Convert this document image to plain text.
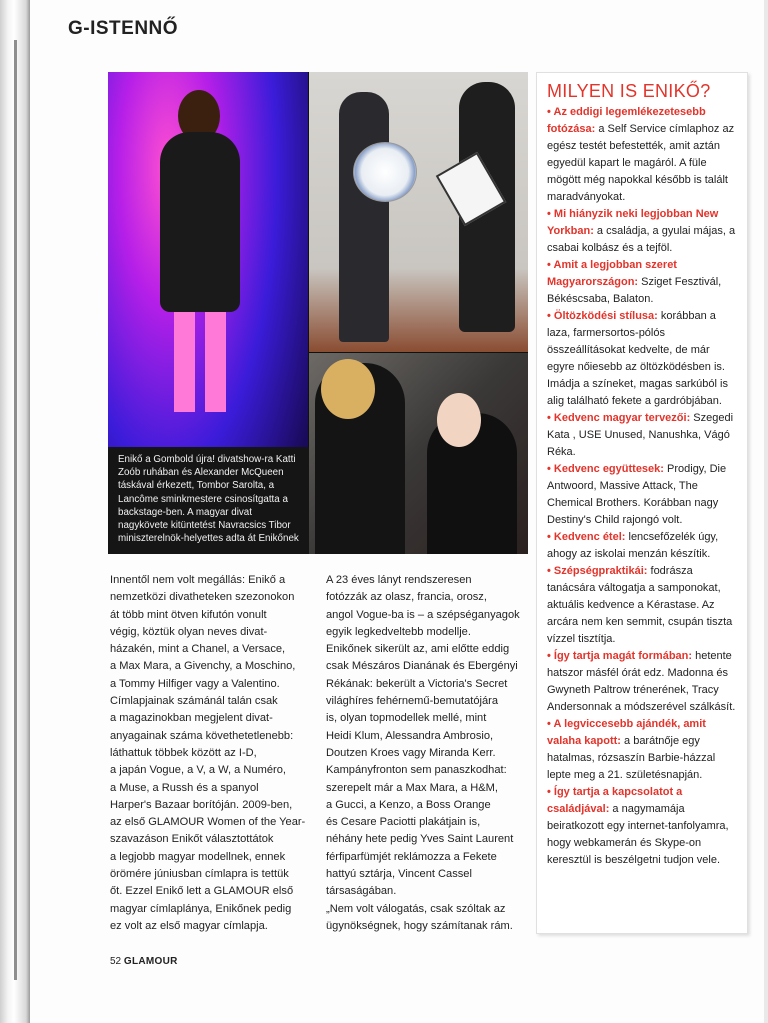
G-ISTENNŐ
Enikő a Gombold újra! divatshow-ra Katti Zoób ruhában és Alexander McQueen táskával érkezett, Tombor Sarolta, a Lancôme sminkmestere csinosítgatta a backstage-ben. A magyar divat nagykövete kitüntetést Navracsics Tibor miniszterelnök-helyettes adta át Enikőnek
MILYEN IS ENIKŐ?
• Az eddigi legemlékezetesebb fotózása: a Self Service címlaphoz az egész testét befestették, amit aztán egyedül kapart le magáról. A füle mögött még napokkal később is talált maradványokat.
• Mi hiányzik neki legjobban New Yorkban: a családja, a gyulai májas, a csabai kolbász és a tejföl.
• Amit a legjobban szeret Magyarországon: Sziget Fesztivál, Békéscsaba, Balaton.
• Öltözködési stílusa: korábban a laza, farmersortos-pólós összeállításokat kedvelte, de már egyre nőiesebb az öltözködésben is. Imádja a színeket, magas sarkúból is alig található fekete a gardróbjában.
• Kedvenc magyar tervezői: Szegedi Kata , USE Unused, Nanushka, Vágó Réka.
• Kedvenc együttesek: Prodigy, Die Antwoord, Massive Attack, The Chemical Brothers. Korábban nagy Destiny's Child rajongó volt.
• Kedvenc étel: lencsefőzelék úgy, ahogy az iskolai menzán készítik.
• Szépségpraktikái: fodrásza tanácsára váltogatja a samponokat, aktuális kedvence a Kérastase. Az arcára nem ken semmit, csupán tiszta vízzel tisztítja.
• Így tartja magát formában: hetente hatszor másfél órát edz. Madonna és Gwyneth Paltrow trénerének, Tracy Andersonnak a módszerével szálkásít.
• A legviccesebb ajándék, amit valaha kapott: a barátnője egy hatalmas, rózsaszín Barbie-házzal lepte meg a 21. születésnapján.
• Így tartja a kapcsolatot a családjával: a nagymamája beiratkozott egy internet-tanfolyamra, hogy webkamerán és Skype-on keresztül is beszélgetni tudjon vele.

Innentől nem volt megállás: Enikő a
nemzetközi divatheteken szezonokon
át több mint ötven kifutón vonult
végig, köztük olyan neves divat-
házakén, mint a Chanel, a Versace,
a Max Mara, a Givenchy, a Moschino,
a Tommy Hilfiger vagy a Valentino.
Címlapjainak számánál talán csak
a magazinokban megjelent divat-
anyagainak száma követhetetlenebb:
láthattuk többek között az I-D,
a japán Vogue, a V, a W, a Numéro,
a Muse, a Russh és a spanyol
Harper's Bazaar borítóján. 2009-ben,
az első GLAMOUR Women of the Year-
szavazáson Enikőt választottátok
a legjobb magyar modellnek, ennek
örömére júniusban címlapra is tettük
őt. Ezzel Enikő lett a GLAMOUR első
magyar címlaplánya, Enikőnek pedig
ez volt az első magyar címlapja.

A 23 éves lányt rendszeresen
fotózzák az olasz, francia, orosz,
angol Vogue-ba is – a szépséganyagok
egyik legkedveltebb modellje.
Enikőnek sikerült az, ami előtte eddig
csak Mészáros Dianának és Ebergényi
Rékának: bekerült a Victoria's Secret
világhíres fehérnemű-bemutatójára
is, olyan topmodellek mellé, mint
Heidi Klum, Alessandra Ambrosio,
Doutzen Kroes vagy Miranda Kerr.
Kampányfronton sem panaszkodhat:
szerepelt már a Max Mara, a H&M,
a Gucci, a Kenzo, a Boss Orange
és Cesare Paciotti plakátjain is,
néhány hete pedig Yves Saint Laurent
férfiparfümjét reklámozza a Fekete
hattyú sztárja, Vincent Cassel
társaságában.
„Nem volt válogatás, csak szóltak az
ügynökségnek, hogy számítanak rám.

52 GLAMOUR
